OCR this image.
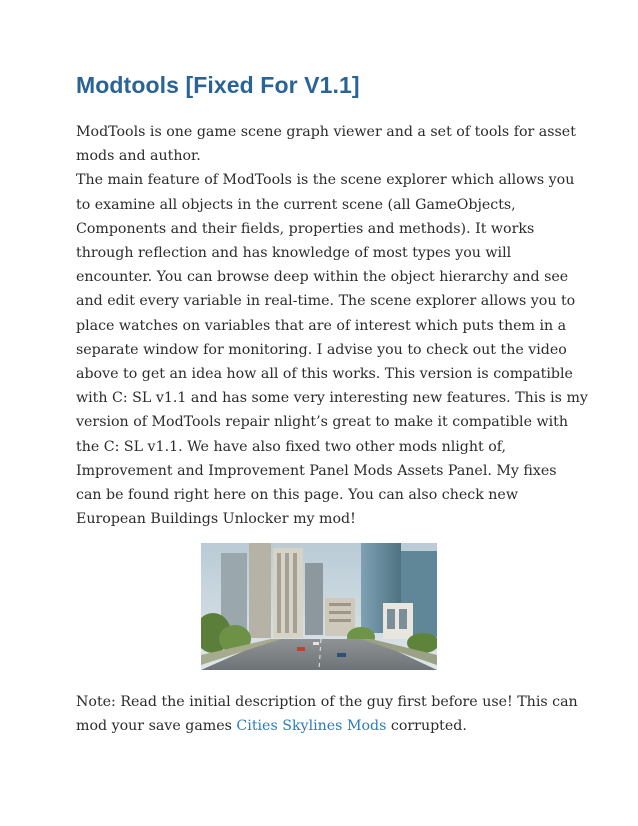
Modtools [Fixed For V1.1]
ModTools is one game scene graph viewer and a set of tools for asset
mods and author.
The main feature of ModTools is the scene explorer which allows you
to examine all objects in the current scene (all GameObjects,
Components and their fields, properties and methods). It works
through reflection and has knowledge of most types you will
encounter. You can browse deep within the object hierarchy and see
and edit every variable in real-time. The scene explorer allows you to
place watches on variables that are of interest which puts them in a
separate window for monitoring. I advise you to check out the video
above to get an idea how all of this works. This version is compatible
with C: SL v1.1 and has some very interesting new features. This is my
version of ModTools repair nlight’s great to make it compatible with
the C: SL v1.1. We have also fixed two other mods nlight of,
Improvement and Improvement Panel Mods Assets Panel. My fixes
can be found right here on this page. You can also check new
European Buildings Unlocker my mod!
Note: Read the initial description of the guy first before use! This can
mod your save games Cities Skylines Mods corrupted.
